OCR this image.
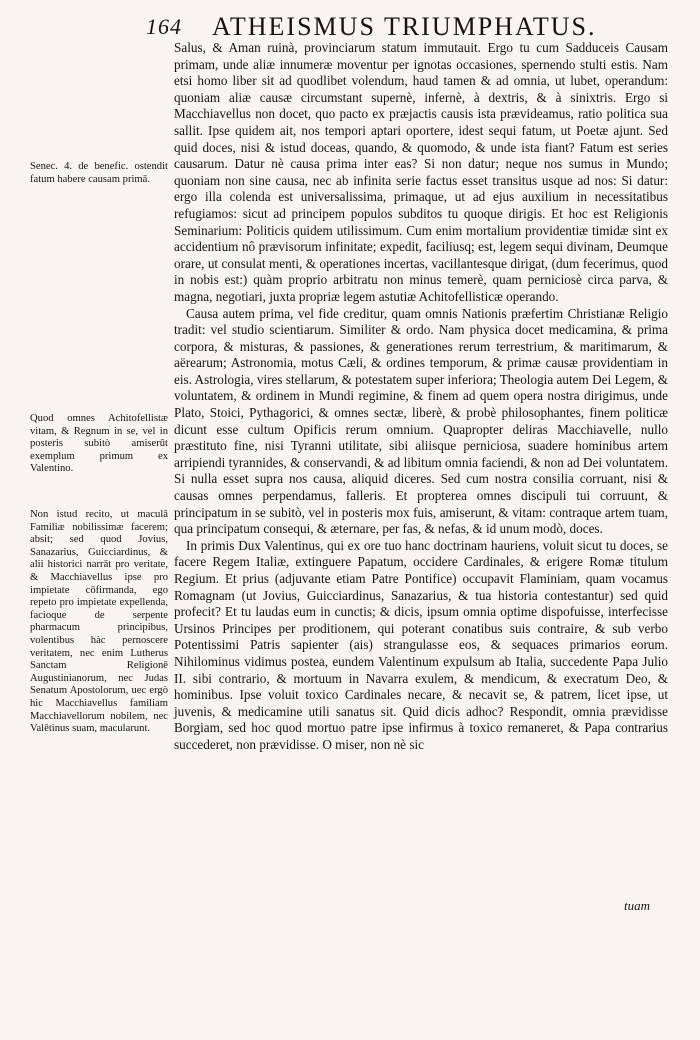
164 ATHEISMUS TRIUMPHATUS.

Salus, & Aman ruinà, provinciarum statum immutauit. Ergo tu cum Sadduceis Causam primam, unde aliæ innumeræ moventur per ignotas occasiones, spernendo stulti estis. Nam etsi homo liber sit ad quodlibet volendum, haud tamen & ad omnia, ut lubet, operandum: quoniam aliæ causæ circumstant supernè, infernè, à dextris, & à sinixtris. Ergo si Macchiavellus non docet, quo pacto ex præjactis causis ista prævideamus, ratio politica sua sallit. Ipse quidem ait, nos tempori aptari oportere, idest sequi fatum, ut Poetæ ajunt. Sed quid doces, nisi & istud doceas, quando, & quomodo, & unde ista fiant? Fatum est series causarum. Datur nè causa prima inter eas? Si non datur; neque nos sumus in Mundo; quoniam non sine causa, nec ab infinita serie factus esset transitus usque ad nos: Si datur: ergo illa colenda est universalissima, primaque, ut ad ejus auxilium in necessitatibus refugiamos: sicut ad principem populos subditos tu quoque dirigis. Et hoc est Religionis Seminarium: Politicis quidem utilissimum. Cum enim mortalium providentiæ timidæ sint ex accidentium nô prævisorum infinitate; expedit, faciliusq; est, legem sequi divinam, Deumque orare, ut consulat menti, & operationes incertas, vacillantesque dirigat, (dum fecerimus, quod in nobis est:) quàm proprio arbitratu non minus temerè, quam perniciosè circa parva, & magna, negotiari, juxta propriæ legem astutiæ Achitofellisticæ operando.

Causa autem prima, vel fide creditur, quam omnis Nationis præfertim Christianæ Religio tradit: vel studio scientiarum. Similiter & ordo. Nam physica docet medicamina, & prima corpora, & misturas, & passiones, & generationes rerum terrestrium, & maritimarum, & aërearum; Astronomia, motus Cæli, & ordines temporum, & primæ causæ providentiam in eis. Astrologia, vires stellarum, & potestatem super inferiora; Theologia autem Dei Legem, & voluntatem, & ordinem in Mundi regimine, & finem ad quem opera nostra dirigimus, unde Plato, Stoici, Pythagorici, & omnes sectæ, liberè, & probè philosophantes, finem politicæ dicunt esse cultum Opificis rerum omnium. Quapropter deliras Macchiavelle, nullo præstituto fine, nisi Tyranni utilitate, sibi aliisque perniciosa, suadere hominibus artem arripiendi tyrannides, & conservandi, & ad libitum omnia faciendi, & non ad Dei voluntatem. Si nulla esset supra nos causa, aliquid diceres. Sed cum nostra consilia corruant, nisi & causas omnes perpendamus, falleris. Et propterea omnes discipuli tui corruunt, & principatum in se subitò, vel in posteris mox fuis, amiserunt, & vitam: contraque artem tuam, qua principatum consequi, & æternare, per fas, & nefas, & id unum modò, doces.

In primis Dux Valentinus, qui ex ore tuo hanc doctrinam hauriens, voluit sicut tu doces, se facere Regem Italiæ, extinguere Papatum, occidere Cardinales, & erigere Romæ titulum Regium. Et prius (adjuvante etiam Patre Pontifice) occupavit Flaminiam, quam vocamus Romagnam (ut Jovius, Guicciardinus, Sanazarius, & tua historia contestantur) sed quid profecit? Et tu laudas eum in cunctis; & dicis, ipsum omnia optime dispofuisse, interfecisse Ursinos Principes per proditionem, qui poterant conatibus suis contraire, & sub verbo Potentissimi Patris sapienter (ais) strangulasse eos, & sequaces primarios eorum. Nihilominus vidimus postea, eundem Valentinum expulsum ab Italia, succedente Papa Julio II. sibi contrario, & mortuum in Navarra exulem, & mendicum, & execratum Deo, & hominibus. Ipse voluit toxico Cardinales necare, & necavit se, & patrem, licet ipse, ut juvenis, & medicamine utili sanatus sit. Quid dicis adhoc? Respondit, omnia prævidisse Borgiam, sed hoc quod mortuo patre ipse infirmus à toxico remaneret, & Papa contrarius succederet, non prævidisse. O miser, non nè sic

tuam
Senec. 4. de benefic. ostendit fatum habere causam primā.
Quod omnes Achitofellistæ vitam, & Regnum in se, vel in posteris subitò amiserūt exemplum primum ex Valentino.
Non istud recito, ut maculā Familiæ nobilissimæ facerem; absit; sed quod Jovius, Sanazarius, Guicciardinus, & alii historici narrāt pro veritate, & Macchiavellus ipse pro impietate cōfirmanda, ego repeto pro impietate expellenda, facioque de serpente pharmacum principibus, volentibus hàc pernoscere veritatem, nec enim Lutherus Sanctam Religionē Augustinianorum, nec Judas Senatum Apostolorum, uec ergò hic Macchiavellus familiam Macchiavellorum nobilem, nec Valētinus suam, macularunt.
